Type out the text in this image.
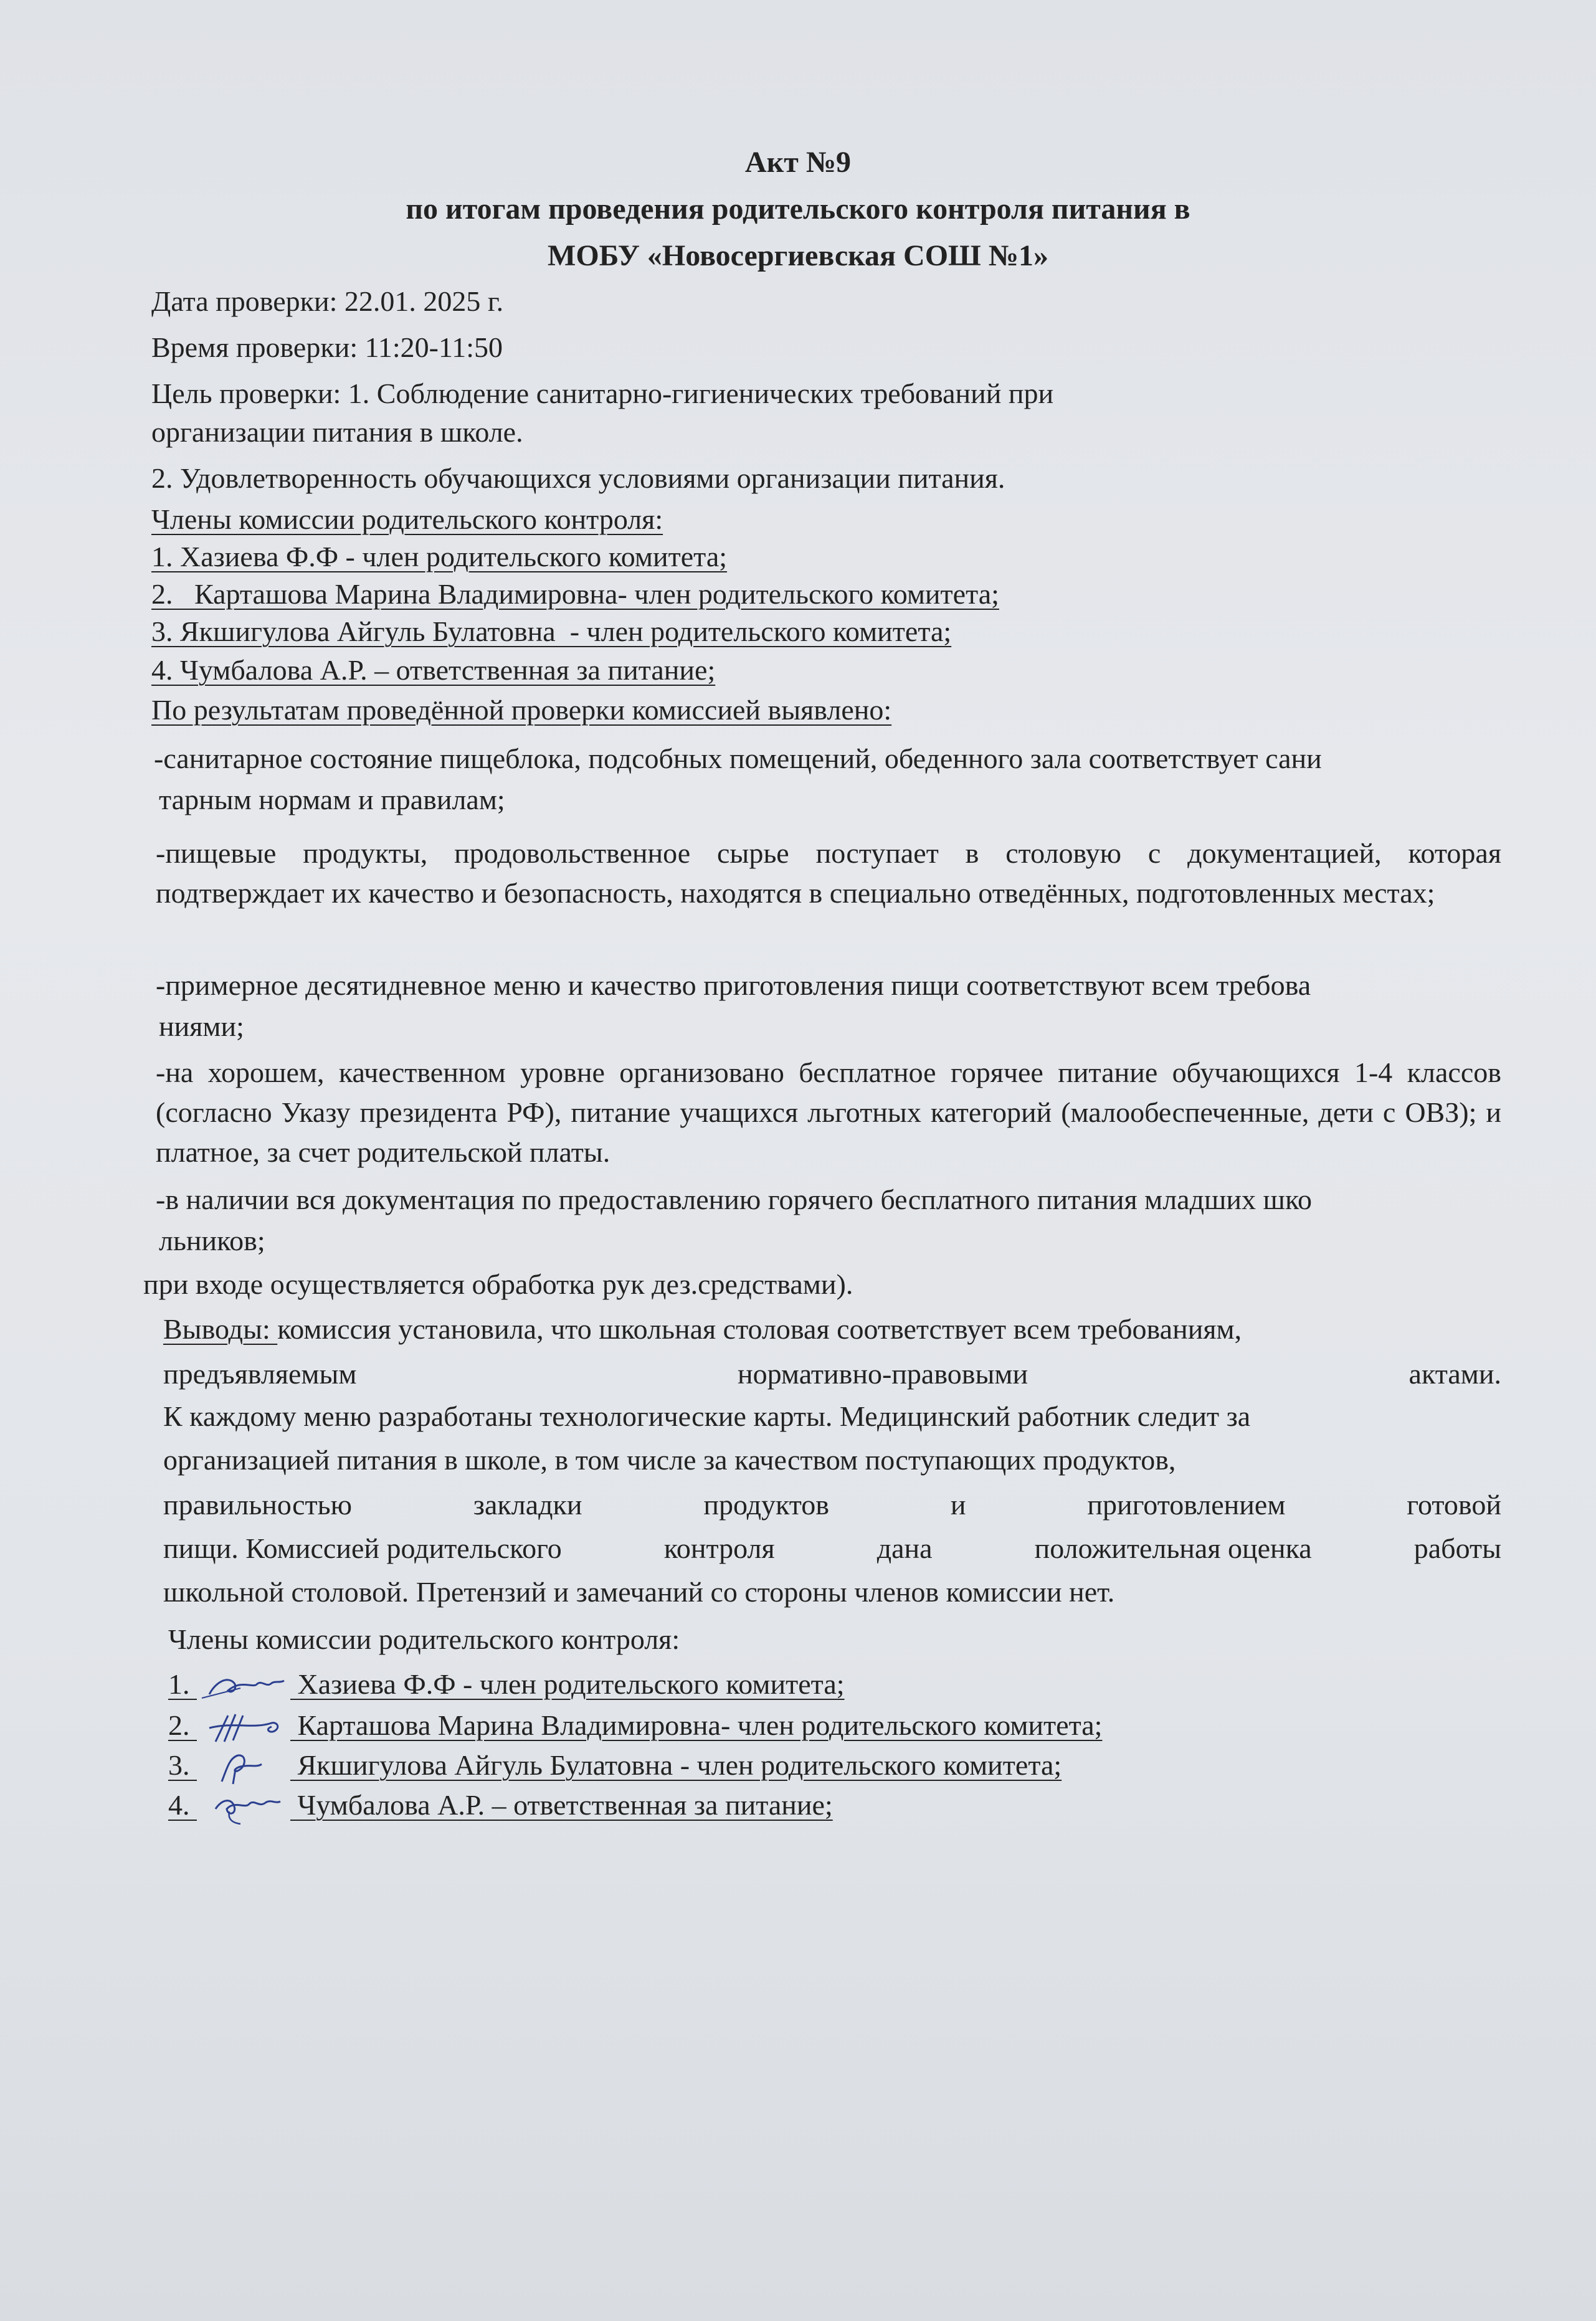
Акт №9
по итогам проведения родительского контроля питания в
МОБУ «Новосергиевская СОШ №1»
Дата проверки: 22.01. 2025 г.
Время проверки: 11:20-11:50
Цель проверки: 1. Соблюдение санитарно-гигиенических требований при
организации питания в школе.
2. Удовлетворенность обучающихся условиями организации питания.
Члены комиссии родительского контроля:
1. Хазиева Ф.Ф - член родительского комитета;
2.   Карташова Марина Владимировна- член родительского комитета;
3. Якшигулова Айгуль Булатовна  - член родительского комитета;
4. Чумбалова А.Р. – ответственная за питание;
По результатам проведённой проверки комиссией выявлено:
-санитарное состояние пищеблока, подсобных помещений, обеденного зала соответствует сани
тарным нормам и правилам;
-пищевые продукты, продовольственное сырье поступает в столовую с документацией, которая подтверждает их качество и безопасность, находятся в специально отведённых, подготовленных местах;
-примерное десятидневное меню и качество приготовления пищи соответствуют всем требова
ниями;
-на хорошем, качественном уровне организовано бесплатное горячее питание обучающихся 1-4 классов (согласно Указу президента РФ), питание учащихся льготных категорий (малообеспеченные, дети с ОВЗ); и платное, за счет родительской платы.
-в наличии вся документация по предоставлению горячего бесплатного питания младших шко
льников;
при входе осуществляется обработка рук дез.средствами).
Выводы: комиссия установила, что школьная столовая соответствует всем требованиям,
предъявляемым	нормативно-правовыми	актами.
К каждому меню разработаны технологические карты. Медицинский работник следит за
организацией питания в школе, в том числе за качеством поступающих продуктов,
правильностью	закладки	продуктов	и	приготовлением	готовой
пищи. Комиссией родительского	контроля	дана	положительная оценка	работы
школьной столовой. Претензий и замечаний со стороны членов комиссии нет.
Члены комиссии родительского контроля:
1.	Хазиева Ф.Ф - член родительского комитета;
2.	Карташова Марина Владимировна- член родительского комитета;
3.	Якшигулова Айгуль Булатовна - член родительского комитета;
4.	Чумбалова А.Р. – ответственная за питание;
